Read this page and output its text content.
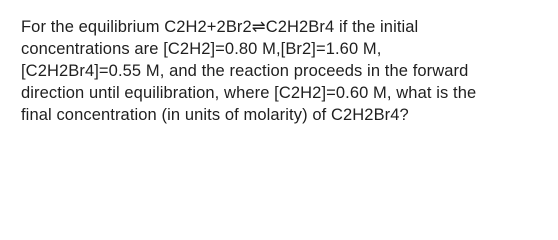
For the equilibrium C2H2+2Br2⇌C2H2Br4 if the initial
concentrations are [C2H2]=0.80 M,[Br2]=1.60 M,
[C2H2Br4]=0.55 M, and the reaction proceeds in the forward
direction until equilibration, where [C2H2]=0.60 M, what is the
final concentration (in units of molarity) of C2H2Br4?
